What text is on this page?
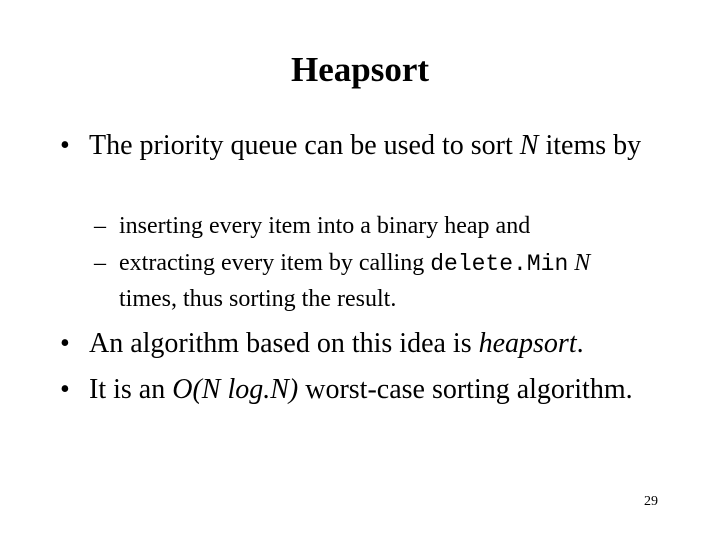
Heapsort
• The priority queue can be used to sort N items by
– inserting every item into a binary heap and
– extracting every item by calling delete.Min N
times, thus sorting the result.
• An algorithm based on this idea is heapsort.
• It is an O(N log.N) worst-case sorting algorithm.
29
